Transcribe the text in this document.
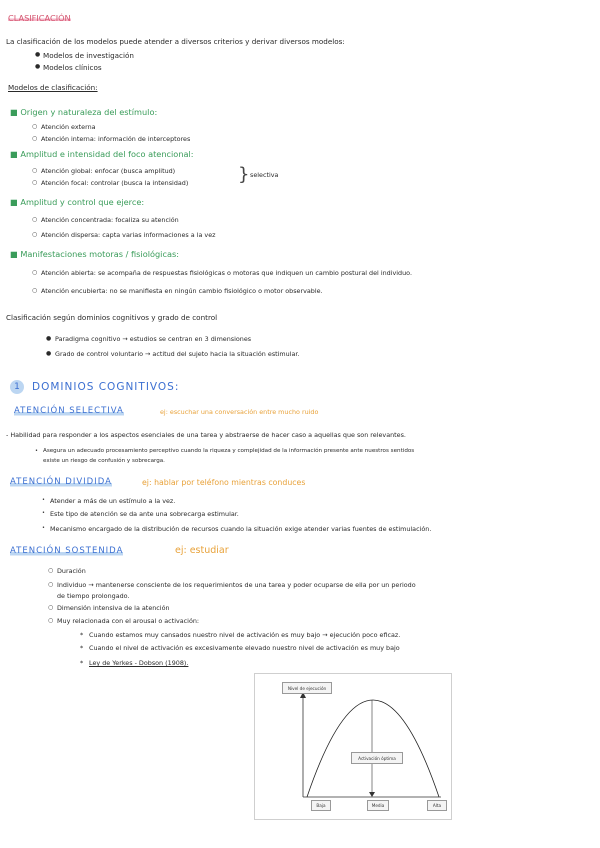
CLASIFICACIÓN
La clasificación de los modelos puede atender a diversos criterios y derivar diversos modelos:
● Modelos de investigación
● Modelos clínicos
Modelos de clasificación:
■ Origen y naturaleza del estímulo:
○ Atención externa
○ Atención interna: información de interceptores
■ Amplitud e intensidad del foco atencional:
○ Atención global: enfocar (busca amplitud)
○ Atención focal: controlar (busca la intensidad)	} selectiva
■ Amplitud y control que ejerce:
○ Atención concentrada: focaliza su atención
○ Atención dispersa: capta varias informaciones a la vez
■ Manifestaciones motoras / fisiológicas:
○ Atención abierta: se acompaña de respuestas fisiológicas o motoras que indiquen un cambio postural del individuo.
○ Atención encubierta: no se manifiesta en ningún cambio fisiológico o motor observable.
Clasificación según dominios cognitivos y grado de control
● Paradigma cognitivo → estudios se centran en 3 dimensiones
● Grado de control voluntario → actitud del sujeto hacia la situación estimular.
1	DOMINIOS COGNITIVOS:
ATENCIÓN SELECTIVA	ej: escuchar una conversación entre mucho ruido
- Habilidad para responder a los aspectos esenciales de una tarea y abstraerse de hacer caso a aquellas que son relevantes.
• Asegura un adecuado procesamiento perceptivo cuando la riqueza y complejidad de la información presente ante nuestros sentidos
existe un riesgo de confusión y sobrecarga.
ATENCIÓN DIVIDIDA	ej: hablar por teléfono mientras conduces
• Atender a más de un estímulo a la vez.
• Este tipo de atención se da ante una sobrecarga estimular.
• Mecanismo encargado de la distribución de recursos cuando la situación exige atender varias fuentes de estimulación.
ATENCIÓN SOSTENIDA	ej: estudiar
○ Duración
○ Individuo → mantenerse consciente de los requerimientos de una tarea y poder ocuparse de ella por un periodo
de tiempo prolongado.
○ Dimensión intensiva de la atención
○ Muy relacionada con el arousal o activación:
* Cuando estamos muy cansados nuestro nivel de activación es muy bajo → ejecución poco eficaz.
* Cuando el nivel de activación es excesivamente elevado nuestro nivel de activación es muy bajo
* Ley de Yerkes - Dobson (1908).
Nivel de ejecución
Activación óptima
Baja	Media	Alta
